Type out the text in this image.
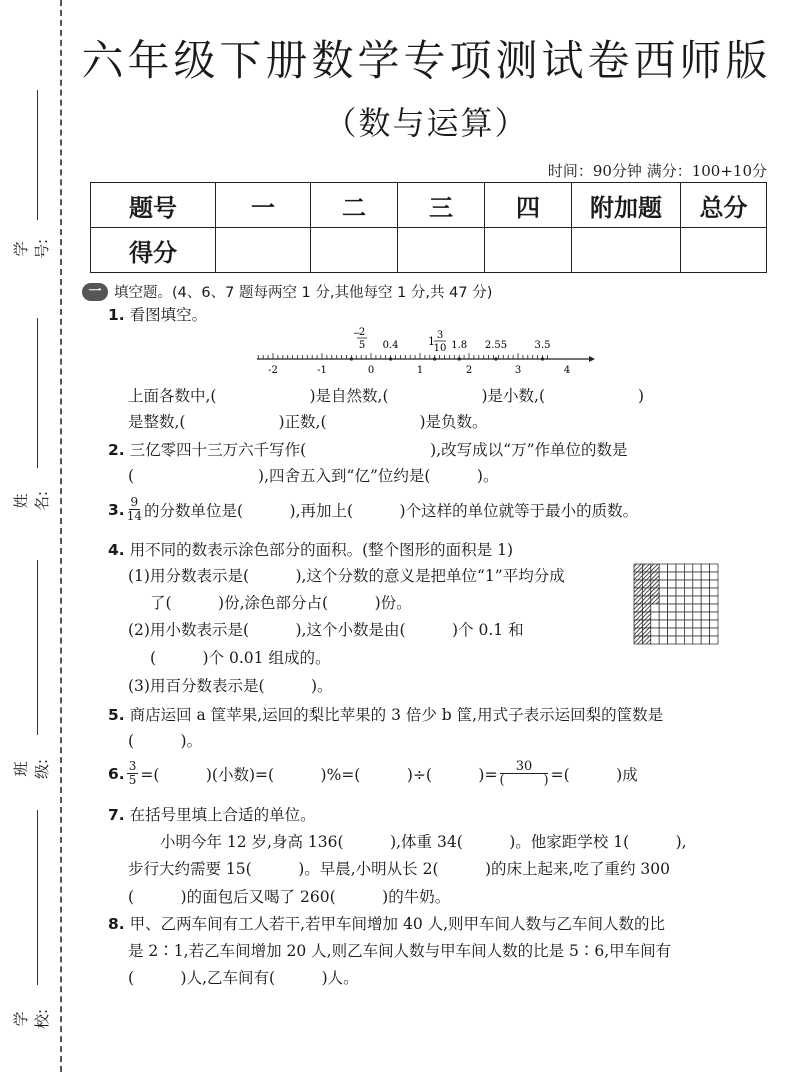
学号:
姓名:
班级:
学校:
六年级下册数学专项测试卷西师版
（数与运算）
时间：90分钟 满分：100+10分
题号	一	二	三	四	附加题	总分
得分						
一 填空题。(4、6、7 题每两空 1 分,其他每空 1 分,共 47 分)
1. 看图填空。
-2	-1	0	1	2	3	4
0.4	1.8 2.55	3.5
−
2
5	1 3
10
上面各数中,(　　　　　　)是自然数,(　　　　　　)是小数,(　　　　　　)
是整数,(　　　　　　)正数,(　　　　　　)是负数。
2. 三亿零四十三万六千写作(　　　　　　　　),改写成以“万”作单位的数是
(　　　　　　　　),四舍五入到“亿”位约是(　　　)。
3. $\frac{9}{14}$ 的分数单位是(　　　),再加上(　　　)个这样的单位就等于最小的质数。
4. 用不同的数表示涂色部分的面积。(整个图形的面积是 1)
(1)用分数表示是(　　　),这个分数的意义是把单位“1”平均分成
了(　　　)份,涂色部分占(　　　)份。
(2)用小数表示是(　　　),这个小数是由(　　　)个 0.1 和
(　　　)个 0.01 组成的。
(3)用百分数表示是(　　　)。
5. 商店运回 a 筐苹果,运回的梨比苹果的 3 倍少 b 筐,用式子表示运回梨的筐数是
(　　　)。
6. $\frac{3}{5}$ =(　　　)(小数)=(　　　)%=(　　　)÷(　　　)= $\frac{30}{( )}$ =(　　　)成
7. 在括号里填上合适的单位。
小明今年 12 岁,身高 136(　　　),体重 34(　　　)。他家距学校 1(　　　),
步行大约需要 15(　　　)。早晨,小明从长 2(　　　)的床上起来,吃了重约 300
(　　　)的面包后又喝了 260(　　　)的牛奶。
8. 甲、乙两车间有工人若干,若甲车间增加 40 人,则甲车间人数与乙车间人数的比
是 2∶1,若乙车间增加 20 人,则乙车间人数与甲车间人数的比是 5∶6,甲车间有
(　　　)人,乙车间有(　　　)人。
